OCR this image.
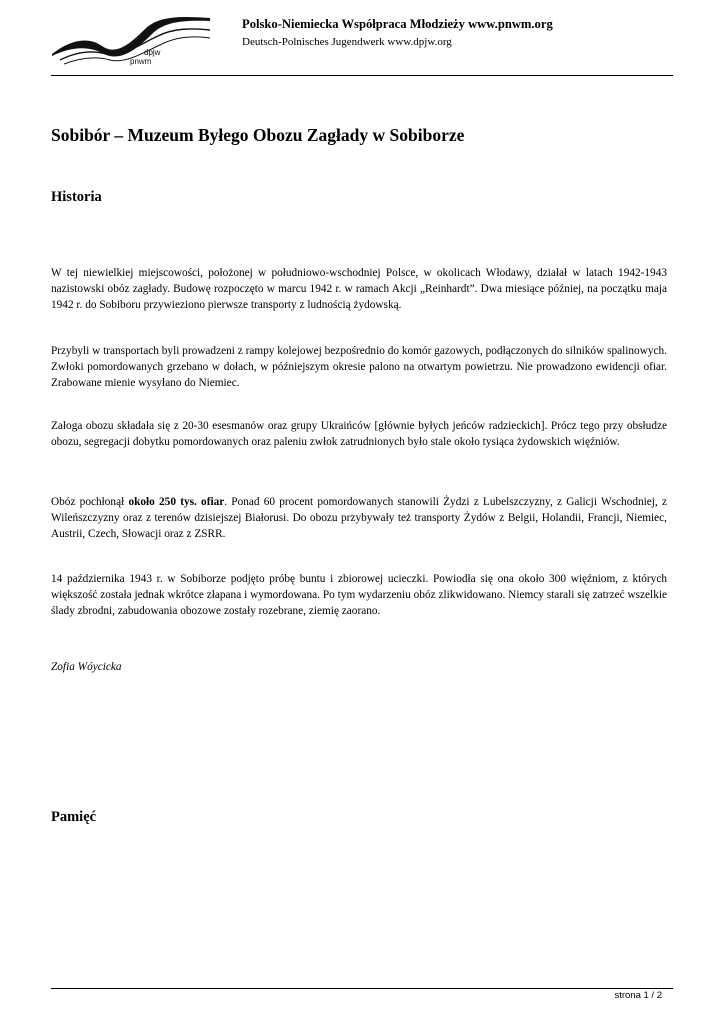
dpjw
pnwm
Polsko-Niemiecka Współpraca Młodzieży www.pnwm.org
Deutsch-Polnisches Jugendwerk www.dpjw.org
Sobibór – Muzeum Byłego Obozu Zagłady w Sobiborze
Historia

W tej niewielkiej miejscowości, położonej w południowo-wschodniej Polsce, w okolicach Włodawy, działał w latach 1942-1943 nazistowski obóz zagłady. Budowę rozpoczęto w marcu 1942 r. w ramach Akcji „Reinhardt”. Dwa miesiące później, na początku maja 1942 r. do Sobiboru przywieziono pierwsze transporty z ludnością żydowską.

Przybyli w transportach byli prowadzeni z rampy kolejowej bezpośrednio do komór gazowych, podłączonych do silników spalinowych. Zwłoki pomordowanych grzebano w dołach, w późniejszym okresie palono na otwartym powietrzu. Nie prowadzono ewidencji ofiar. Zrabowane mienie wysyłano do Niemiec.

Załoga obozu składała się z 20-30 esesmanów oraz grupy Ukraińców [głównie byłych jeńców radzieckich]. Prócz tego przy obsłudze obozu, segregacji dobytku pomordowanych oraz paleniu zwłok zatrudnionych było stale około tysiąca żydowskich więźniów.

Obóz pochłonął około 250 tys. ofiar. Ponad 60 procent pomordowanych stanowili Żydzi z Lubelszczyzny, z Galicji Wschodniej, z Wileńszczyzny oraz z terenów dzisiejszej Białorusi. Do obozu przybywały też transporty Żydów z Belgii, Holandii, Francji, Niemiec, Austrii, Czech, Słowacji oraz z ZSRR.

14 października 1943 r. w Sobiborze podjęto próbę buntu i zbiorowej ucieczki. Powiodła się ona około 300 więźniom, z których większość została jednak wkrótce złapana i wymordowana. Po tym wydarzeniu obóz zlikwidowano. Niemcy starali się zatrzeć wszelkie ślady zbrodni, zabudowania obozowe zostały rozebrane, ziemię zaorano.

Zofia Wóycicka

Pamięć
strona 1 / 2
